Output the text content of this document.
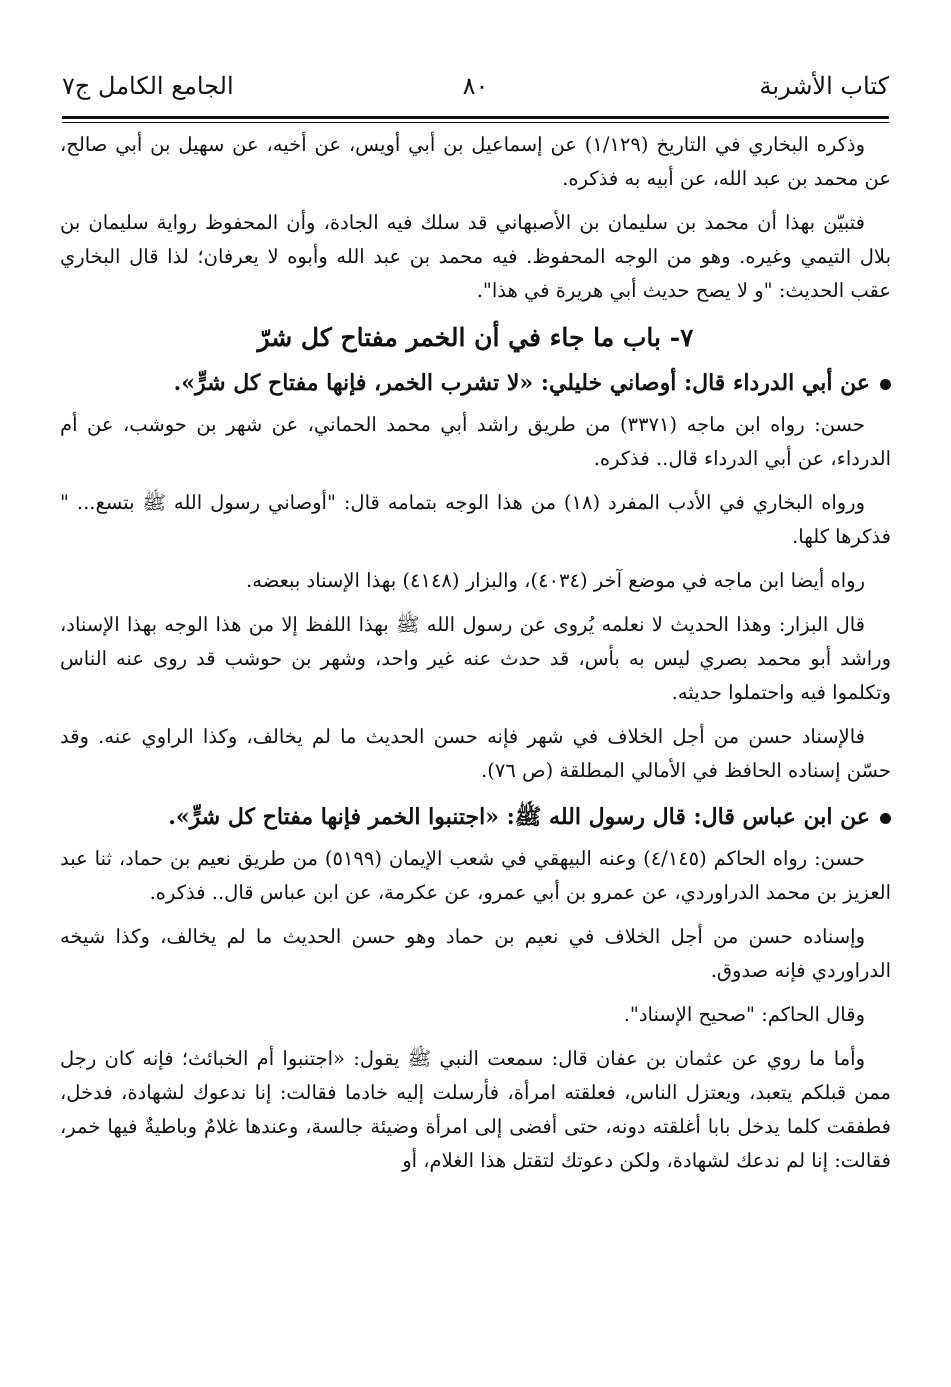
كتاب الأشربة
٨٠
الجامع الكامل ج٧

وذكره البخاري في التاريخ (١/١٢٩) عن إسماعيل بن أبي أويس، عن أخيه، عن سهيل بن أبي صالح، عن محمد بن عبد الله، عن أبيه به فذكره.

فتبيّن بهذا أن محمد بن سليمان بن الأصبهاني قد سلك فيه الجادة، وأن المحفوظ رواية سليمان بن بلال التيمي وغيره. وهو من الوجه المحفوظ. فيه محمد بن عبد الله وأبوه لا يعرفان؛ لذا قال البخاري عقب الحديث: "و لا يصح حديث أبي هريرة في هذا".

٧- باب ما جاء في أن الخمر مفتاح كل شرّ
عن أبي الدرداء قال: أوصاني خليلي: «لا تشرب الخمر، فإنها مفتاح كل شرٍّ».

حسن: رواه ابن ماجه (٣٣٧١) من طريق راشد أبي محمد الحماني، عن شهر بن حوشب، عن أم الدرداء، عن أبي الدرداء قال.. فذكره.

ورواه البخاري في الأدب المفرد (١٨) من هذا الوجه بتمامه قال: "أوصاني رسول الله ﷺ بتسع... " فذكرها كلها.

رواه أيضا ابن ماجه في موضع آخر (٤٠٣٤)، والبزار (٤١٤٨) بهذا الإسناد ببعضه.

قال البزار: وهذا الحديث لا نعلمه يُروى عن رسول الله ﷺ بهذا اللفظ إلا من هذا الوجه بهذا الإسناد، وراشد أبو محمد بصري ليس به بأس، قد حدث عنه غير واحد، وشهر بن حوشب قد روى عنه الناس وتكلموا فيه واحتملوا حديثه.

فالإسناد حسن من أجل الخلاف في شهر فإنه حسن الحديث ما لم يخالف، وكذا الراوي عنه. وقد حسّن إسناده الحافظ في الأمالي المطلقة (ص ٧٦).

عن ابن عباس قال: قال رسول الله ﷺ: «اجتنبوا الخمر فإنها مفتاح كل شرٍّ».

حسن: رواه الحاكم (٤/١٤٥) وعنه البيهقي في شعب الإيمان (٥١٩٩) من طريق نعيم بن حماد، ثنا عبد العزيز بن محمد الدراوردي، عن عمرو بن أبي عمرو، عن عكرمة، عن ابن عباس قال.. فذكره.

وإسناده حسن من أجل الخلاف في نعيم بن حماد وهو حسن الحديث ما لم يخالف، وكذا شيخه الدراوردي فإنه صدوق.

وقال الحاكم: "صحيح الإسناد".

وأما ما روي عن عثمان بن عفان قال: سمعت النبي ﷺ يقول: «اجتنبوا أم الخبائث؛ فإنه كان رجل ممن قبلكم يتعبد، ويعتزل الناس، فعلقته امرأة، فأرسلت إليه خادما فقالت: إنا ندعوك لشهادة، فدخل، فطفقت كلما يدخل بابا أغلقته دونه، حتى أفضى إلى امرأة وضيئة جالسة، وعندها غلامٌ وباطيةٌ فيها خمر، فقالت: إنا لم ندعك لشهادة، ولكن دعوتك لتقتل هذا الغلام، أو
